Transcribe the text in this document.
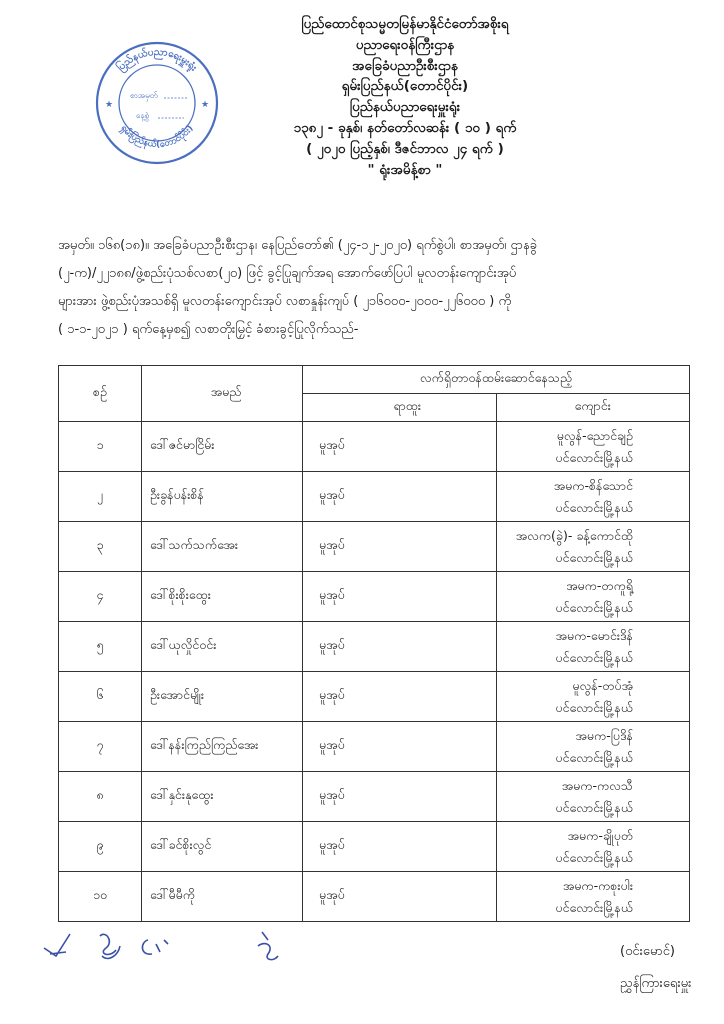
ပြည်နယ်ပညာရေးမှူးရုံး
ရှမ်းပြည်နယ်(တောင်ပိုင်း)
★	★
စာအမှတ်
နေ့စွဲ
ပြည်ထောင်စုသမ္မတမြန်မာနိုင်ငံတော်အစိုးရ
ပညာရေးဝန်ကြီးဌာန
အခြေခံပညာဦးစီးဌာန
ရှမ်းပြည်နယ်(တောင်ပိုင်း)
ပြည်နယ်ပညာရေးမှူးရုံး
၁၃၈၂ - ခုနှစ်၊ နတ်တော်လဆန်း ( ၁၀ ) ရက်
( ၂၀၂၀ ပြည့်နှစ်၊ ဒီဇင်ဘာလ ၂၄ ရက် )
" ရုံးအမိန့်စာ "
အမှတ်။ ၁၆၈(၁၈)။ အခြေခံပညာဦးစီးဌာန၊ နေပြည်တော်၏ (၂၄-၁၂-၂၀၂၀) ရက်စွဲပါ၊ စာအမှတ်၊ ဌာနခွဲ
(၂-က)/၂၂၁၈၈/ဖွဲ့စည်းပုံသစ်လစာ(၂၀) ဖြင့် ခွင့်ပြုချက်အရ အောက်ဖော်ပြပါ မူလတန်းကျောင်းအုပ်
များအား ဖွဲ့စည်းပုံအသစ်ရှိ မူလတန်းကျောင်းအုပ် လစာနှုန်းကျပ် ( ၂၁၆၀၀၀-၂၀၀၀-၂၂၆၀၀၀ ) ကို
( ၁-၁-၂၀၂၁ ) ရက်နေ့မှစ၍ လစာတိုးမြှင့် ခံစားခွင့်ပြုလိုက်သည်-
စဉ်	အမည်	လက်ရှိတာဝန်ထမ်းဆောင်နေသည့်	
		ရာထူး	ကျောင်း
၁	ဒေါ်ဇင်မာငြိမ်း	မူအုပ်	မူလွန်-ညောင်ချဉ်
ပင်လောင်းမြို့နယ်

၂	ဦးခွန်ပန်းစိန်	မူအုပ်	အမက-စိန်သောင်
ပင်လောင်းမြို့နယ်

၃	ဒေါ်သက်သက်အေး	မူအုပ်	အလက(ခွဲ)- ခန့်ကောင်ထို
ပင်လောင်းမြို့နယ်

၄	ဒေါ်စိုးစိုးထွေး	မူအုပ်	အမက-တကူရို့
ပင်လောင်းမြို့နယ်

၅	ဒေါ်ယုလှိုင်ဝင်း	မူအုပ်	အမက-မောင်းဒိန်
ပင်လောင်းမြို့နယ်

၆	ဦးအောင်မျိုး	မူအုပ်	မူလွန်-တပ်အုံ
ပင်လောင်းမြို့နယ်

၇	ဒေါ်နန်းကြည်ကြည်အေး	မူအုပ်	အမက-ပြဒိန်
ပင်လောင်းမြို့နယ်

၈	ဒေါ်နှင်းနုထွေး	မူအုပ်	အမက-ကလသီ
ပင်လောင်းမြို့နယ်

၉	ဒေါ်ခင်စိုးလွင်	မူအုပ်	အမက-ချိုပုတ်
ပင်လောင်းမြို့နယ်

၁၀	ဒေါ်မီမီကို	မူအုပ်	အမက-ကစုးပါး
ပင်လောင်းမြို့နယ်
(ဝင်းမောင်)
ညွှန်ကြားရေးမှူး
